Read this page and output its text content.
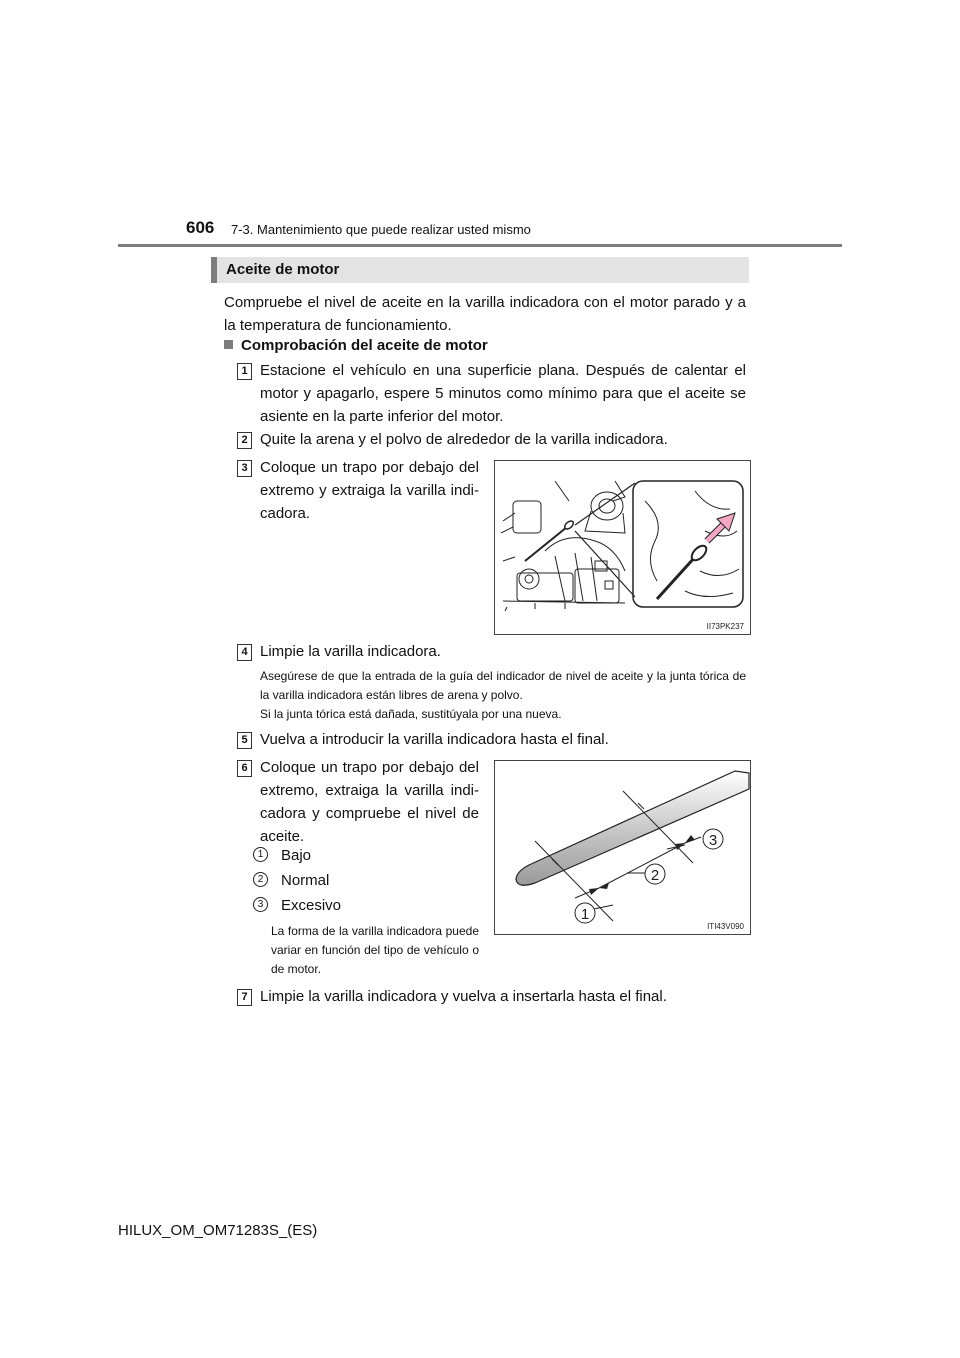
606 7-3. Mantenimiento que puede realizar usted mismo
Aceite de motor
Compruebe el nivel de aceite en la varilla indicadora con el motor parado y a la temperatura de funcionamiento.
Comprobación del aceite de motor
1 Estacione el vehículo en una superficie plana. Después de calentar el motor y apagarlo, espere 5 minutos como mínimo para que el aceite se asiente en la parte inferior del motor.
2 Quite la arena y el polvo de alrededor de la varilla indicadora.
3 Coloque un trapo por debajo del extremo y extraiga la varilla indi-cadora.
II73PK237
4 Limpie la varilla indicadora.
Asegúrese de que la entrada de la guía del indicador de nivel de aceite y la junta tórica de la varilla indicadora están libres de arena y polvo.
Si la junta tórica está dañada, sustitúyala por una nueva.
5 Vuelva a introducir la varilla indicadora hasta el final.
6 Coloque un trapo por debajo del extremo, extraiga la varilla indi-cadora y compruebe el nivel de aceite.
1	Bajo
2	Normal
3	Excesivo
La forma de la varilla indicadora puede variar en función del tipo de vehículo o de motor.
1
2
3
ITI43V090
7 Limpie la varilla indicadora y vuelva a insertarla hasta el final.
HILUX_OM_OM71283S_(ES)
